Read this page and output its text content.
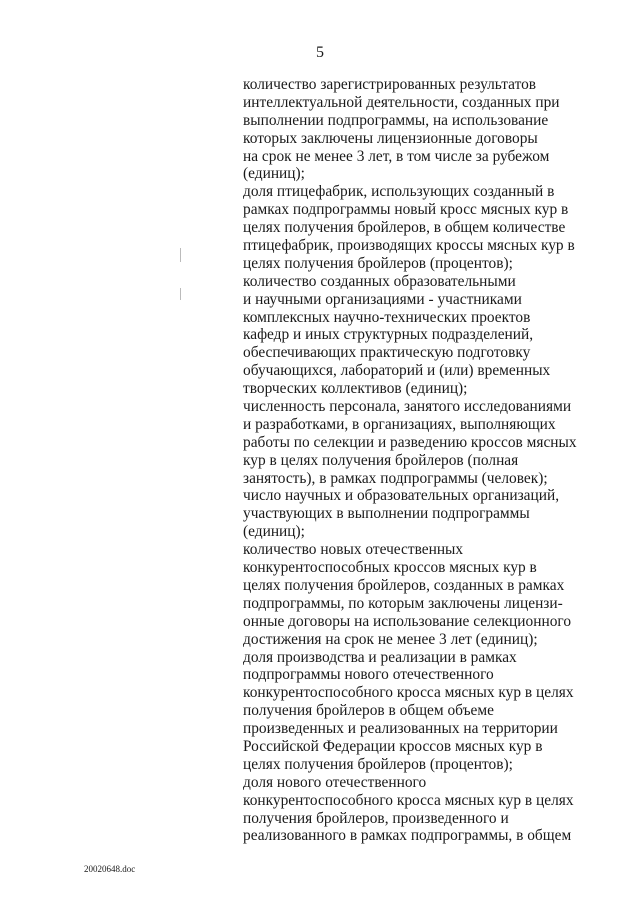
5
количество зарегистрированных результатов
интеллектуальной деятельности, созданных при
выполнении подпрограммы, на использование
которых заключены лицензионные договоры
на срок не менее 3 лет, в том числе за рубежом
(единиц);
доля птицефабрик, использующих созданный в
рамках подпрограммы новый кросс мясных кур в
целях получения бройлеров, в общем количестве
птицефабрик, производящих кроссы мясных кур в
целях получения бройлеров (процентов);
количество созданных образовательными
и научными организациями - участниками
комплексных научно-технических проектов
кафедр и иных структурных подразделений,
обеспечивающих практическую подготовку
обучающихся, лабораторий и (или) временных
творческих коллективов (единиц);
численность персонала, занятого исследованиями
и разработками, в организациях, выполняющих
работы по селекции и разведению кроссов мясных
кур в целях получения бройлеров (полная
занятость), в рамках подпрограммы (человек);
число научных и образовательных организаций,
участвующих в выполнении подпрограммы
(единиц);
количество новых отечественных
конкурентоспособных кроссов мясных кур в
целях получения бройлеров, созданных в рамках
подпрограммы, по которым заключены лицензи-
онные договоры на использование селекционного
достижения на срок не менее 3 лет (единиц);
доля производства и реализации в рамках
подпрограммы нового отечественного
конкурентоспособного кросса мясных кур в целях
получения бройлеров в общем объеме
произведенных и реализованных на территории
Российской Федерации кроссов мясных кур в
целях получения бройлеров (процентов);
доля нового отечественного
конкурентоспособного кросса мясных кур в целях
получения бройлеров, произведенного и
реализованного в рамках подпрограммы, в общем
20020648.doc
